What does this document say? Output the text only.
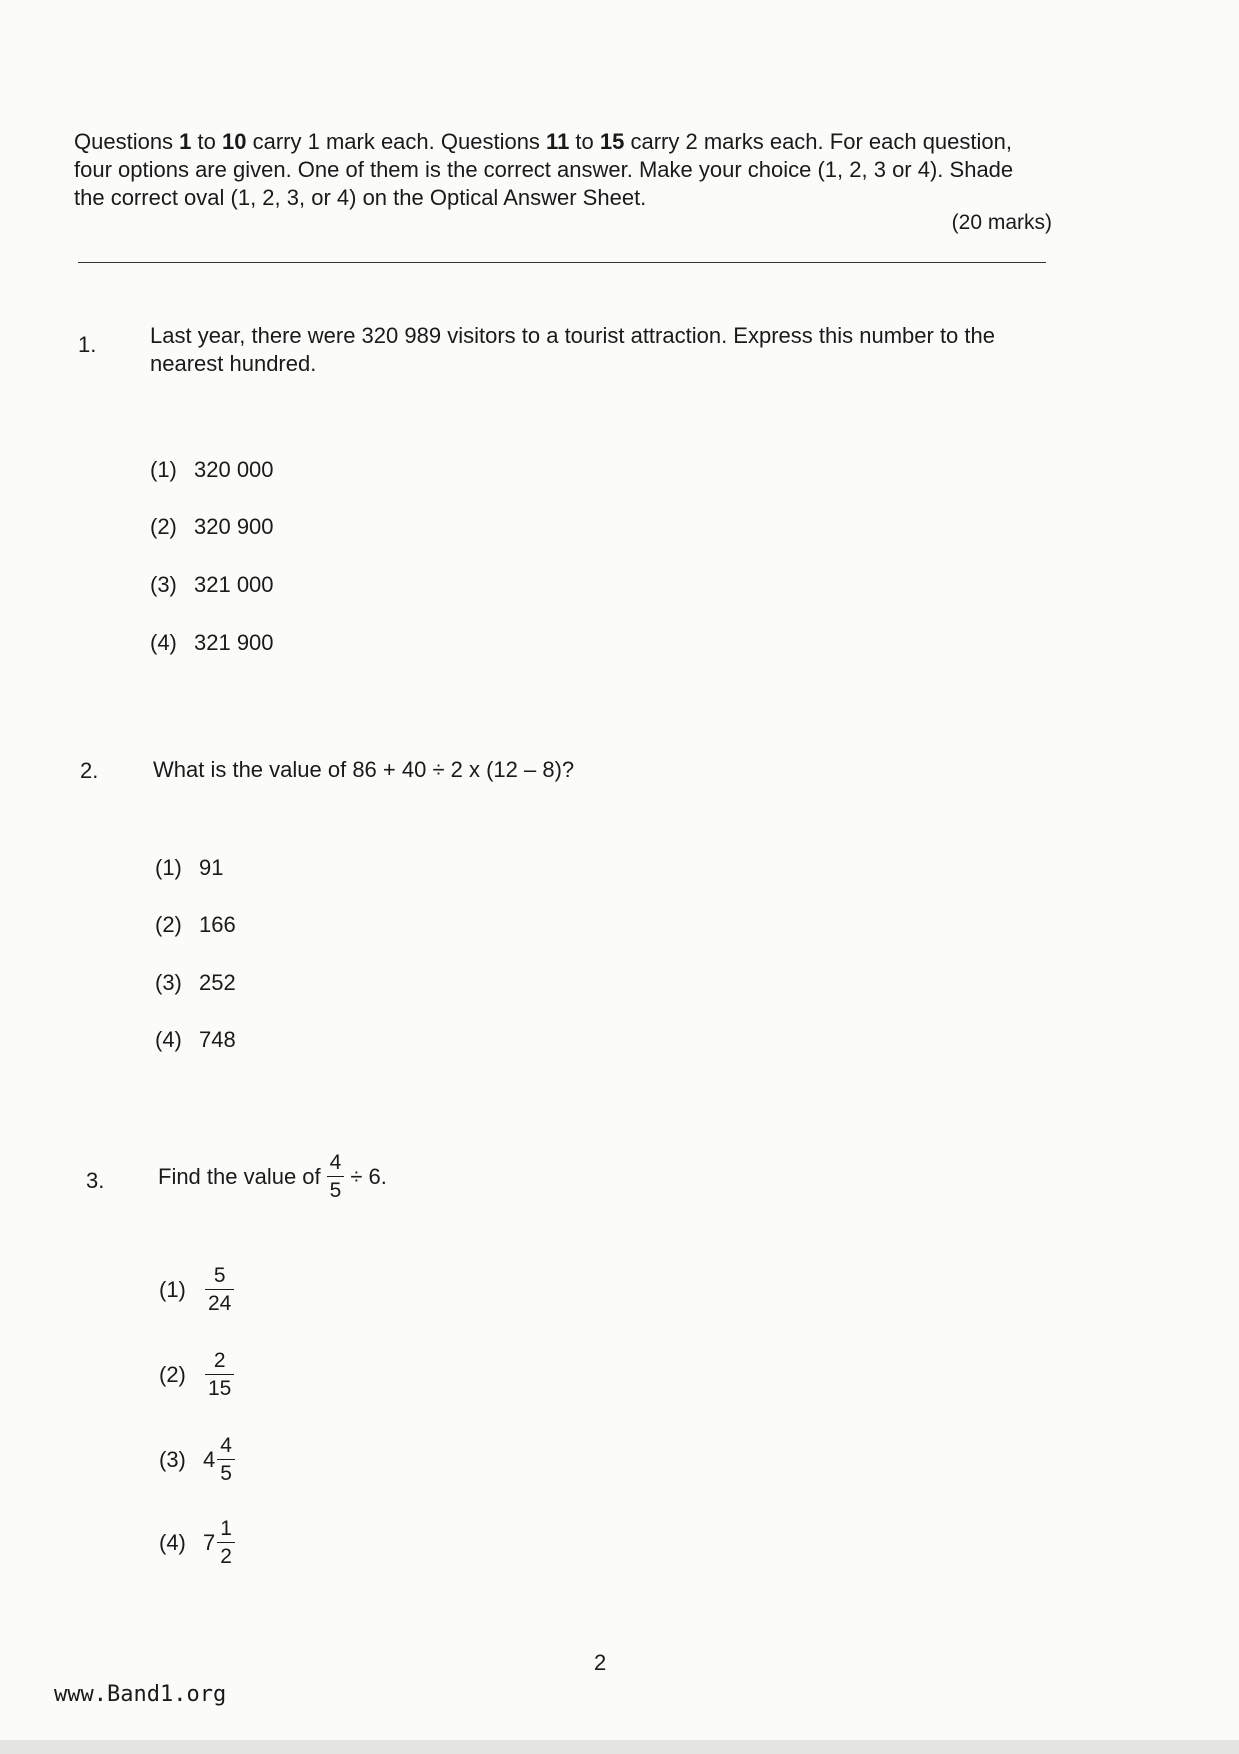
Questions 1 to 10 carry 1 mark each. Questions 11 to 15 carry 2 marks each. For each question, four options are given. One of them is the correct answer. Make your choice (1, 2, 3 or 4). Shade the correct oval (1, 2, 3, or 4) on the Optical Answer Sheet.

(20 marks)
1. Last year, there were 320 989 visitors to a tourist attraction. Express this number to the nearest hundred.
(1) 320 000
(2) 320 900
(3) 321 000
(4) 321 900
2. What is the value of 86 + 40 ÷ 2 x (12 – 8)?
(1) 91
(2) 166
(3) 252
(4) 748
3. Find the value of $\frac{4}{5} \div 6$.
$(1) \frac{5}{24}$
$(2) \frac{2}{15}$
(3) $4 \frac{4}{5}$
(4) $7 \frac{1}{2}$
2
www.Band1.org
